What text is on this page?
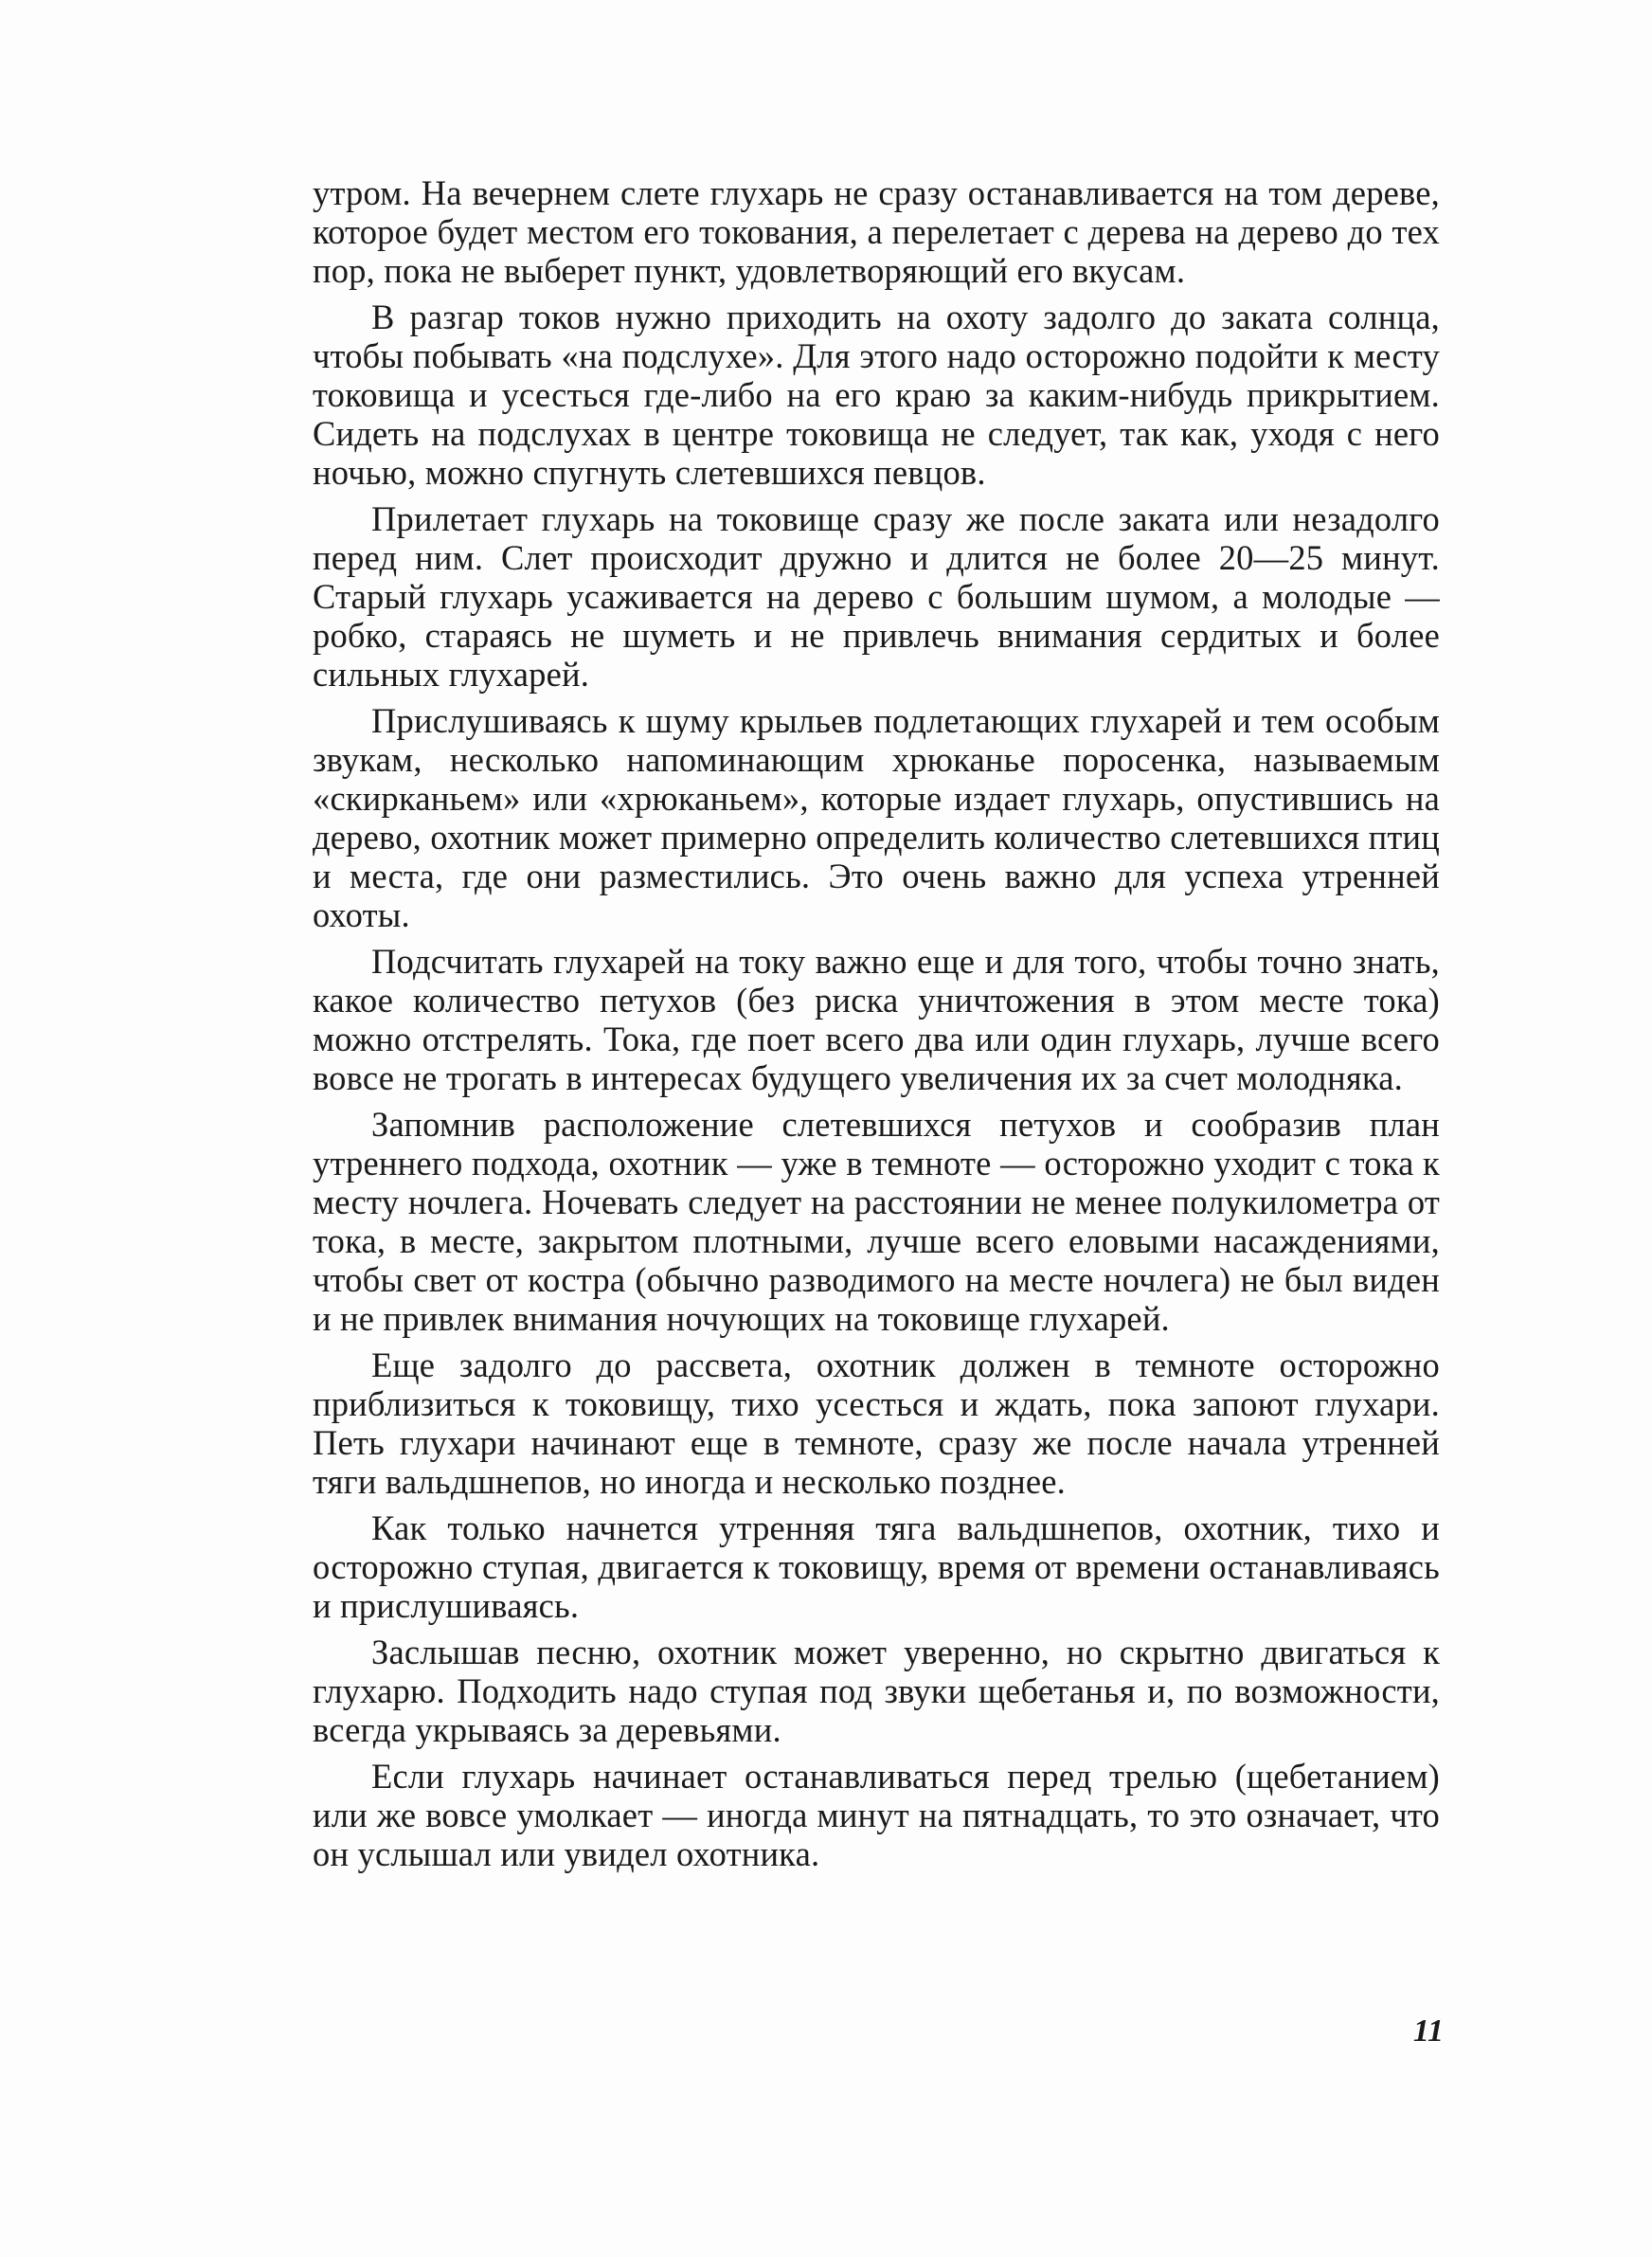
утром. На вечернем слете глухарь не сразу останавливается на том дереве, которое будет местом его токования, а перелетает с дерева на дерево до тех пор, пока не выберет пункт, удовлетворяющий его вкусам.

В разгар токов нужно приходить на охоту задолго до заката солнца, чтобы побывать «на подслухе». Для этого надо осторожно подойти к месту токовища и усесться где-либо на его краю за каким-нибудь прикрытием. Сидеть на подслухах в центре токовища не следует, так как, уходя с него ночью, можно спугнуть слетевшихся певцов.

Прилетает глухарь на токовище сразу же после заката или незадолго перед ним. Слет происходит дружно и длится не более 20—25 минут. Старый глухарь усаживается на дерево с большим шумом, а молодые — робко, стараясь не шуметь и не привлечь внимания сердитых и более сильных глухарей.

Прислушиваясь к шуму крыльев подлетающих глухарей и тем особым звукам, несколько напоминающим хрюканье поросенка, называемым «скирканьем» или «хрюканьем», которые издает глухарь, опустившись на дерево, охотник может примерно определить количество слетевшихся птиц и места, где они разместились. Это очень важно для успеха утренней охоты.

Подсчитать глухарей на току важно еще и для того, чтобы точно знать, какое количество петухов (без риска уничтожения в этом месте тока) можно отстрелять. Тока, где поет всего два или один глухарь, лучше всего вовсе не трогать в интересах будущего увеличения их за счет молодняка.

Запомнив расположение слетевшихся петухов и сообразив план утреннего подхода, охотник — уже в темноте — осторожно уходит с тока к месту ночлега. Ночевать следует на расстоянии не менее полукилометра от тока, в месте, закрытом плотными, лучше всего еловыми насаждениями, чтобы свет от костра (обычно разводимого на месте ночлега) не был виден и не привлек внимания ночующих на токовище глухарей.

Еще задолго до рассвета, охотник должен в темноте осторожно приблизиться к токовищу, тихо усесться и ждать, пока запоют глухари. Петь глухари начинают еще в темноте, сразу же после начала утренней тяги вальдшнепов, но иногда и несколько позднее.

Как только начнется утренняя тяга вальдшнепов, охотник, тихо и осторожно ступая, двигается к токовищу, время от времени останавливаясь и прислушиваясь.

Заслышав песню, охотник может уверенно, но скрытно двигаться к глухарю. Подходить надо ступая под звуки щебетанья и, по возможности, всегда укрываясь за деревьями.

Если глухарь начинает останавливаться перед трелью (щебетанием) или же вовсе умолкает — иногда минут на пятнадцать, то это означает, что он услышал или увидел охотника.

11
